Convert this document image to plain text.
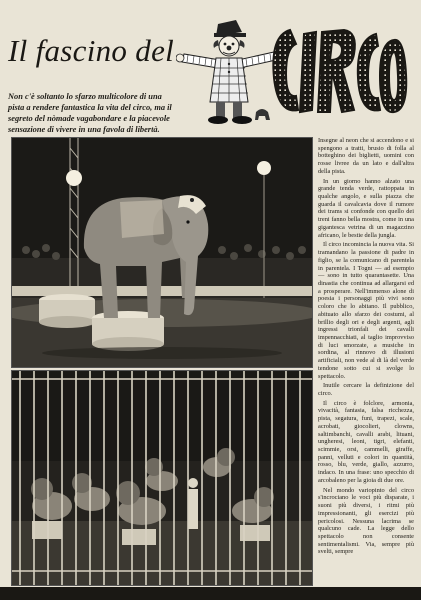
Il fascino del

Non c'è soltanto lo sfarzo multicolore di una
pista a rendere fantastica la vita del circo, ma il
segreto del nòmade vagabondare e la piacevole
sensazione di vivere in una favola di libertà.

Insegne al neon che si accendono e si spengono a tratti, brusio di folla al botteghino dei biglietti, uomini con rosse livree da un lato e dall'altra della pista.

In un giorno hanno alzato una grande tenda verde, rattoppata in qualche angolo, e sulla piazza che guarda il cavalcavia dove il rumore dei trams si confonde con quello dei treni fanno bella mostra, come in una gigantesca vetrina di un magazzino africano, le bestie della jungla.

Il circo incomincia la nuova vita. Si tramandano la passione di padre in figlio, se la comunicano di parentela in parentela. I Togni — ad esempio — sono in tutto quarantasette. Una dinastia che continua ad allargarsi ed a prosperare. Nell'immenso alone di poesia i personaggi più vivi sono coloro che lo abitano. Il pubblico, abituato allo sfarzo dei costumi, al brillio degli ori e degli argenti, agli ingressi trionfali dei cavalli impennacchiati, al taglio improvviso di luci smorzate, a musiche in sordina, al rinnovo di illusioni artificiali, non vede al di là del verde tendone sotto cui si svolge lo spettacolo.

Inutile cercare la definizione del circo.

Il circo è folclore, armonia, vivacità, fantasia, falsa ricchezza, pista, segatura, funi, trapezi, scale, acrobati, giocolieri, clowns, saltimbanchi, cavalli arabi, lituani, ungheresi, leoni, tigri, elefanti, scimmie, orsi, cammelli, giraffe, panni, velluti e colori in quantità, rosso, blu, verde, giallo, azzurro, indaco. In una frase: uno specchio di arcobaleno per la gioia di due ore.

Nel mondo variopinto del circo s'incrociano le voci più disparate, i suoni più diversi, i ritmi più impressionanti, gli esercizi più pericolosi. Nessuna lacrima se qualcuno cade. La legge dello spettacolo non consente sentimentalismi. Via, sempre più svelti, sempre
